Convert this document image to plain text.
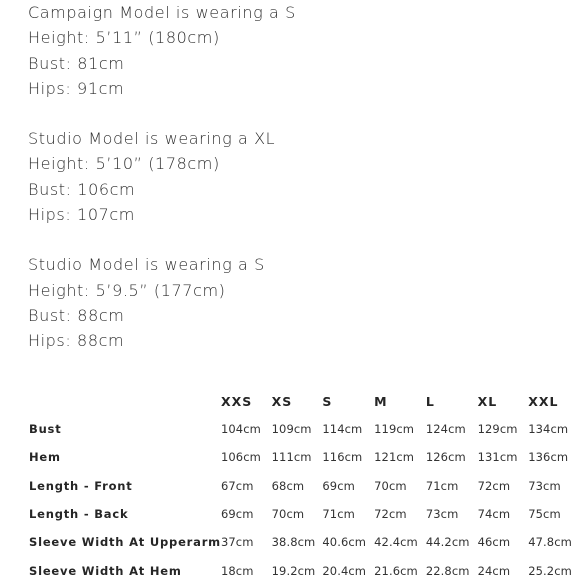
Campaign Model is wearing a S
Height: 5’11” (180cm)
Bust: 81cm
Hips: 91cm
Studio Model is wearing a XL
Height: 5’10” (178cm)
Bust: 106cm
Hips: 107cm
Studio Model is wearing a S
Height: 5’9.5” (177cm)
Bust: 88cm
Hips: 88cm
	XXS	XS	S	M	L	XL	XXL
Bust	104cm	109cm	114cm	119cm	124cm	129cm	134cm
Hem	106cm	111cm	116cm	121cm	126cm	131cm	136cm
Length - Front	67cm	68cm	69cm	70cm	71cm	72cm	73cm
Length - Back	69cm	70cm	71cm	72cm	73cm	74cm	75cm
Sleeve Width At Upperarm	37cm	38.8cm	40.6cm	42.4cm	44.2cm	46cm	47.8cm
Sleeve Width At Hem	18cm	19.2cm	20.4cm	21.6cm	22.8cm	24cm	25.2cm
